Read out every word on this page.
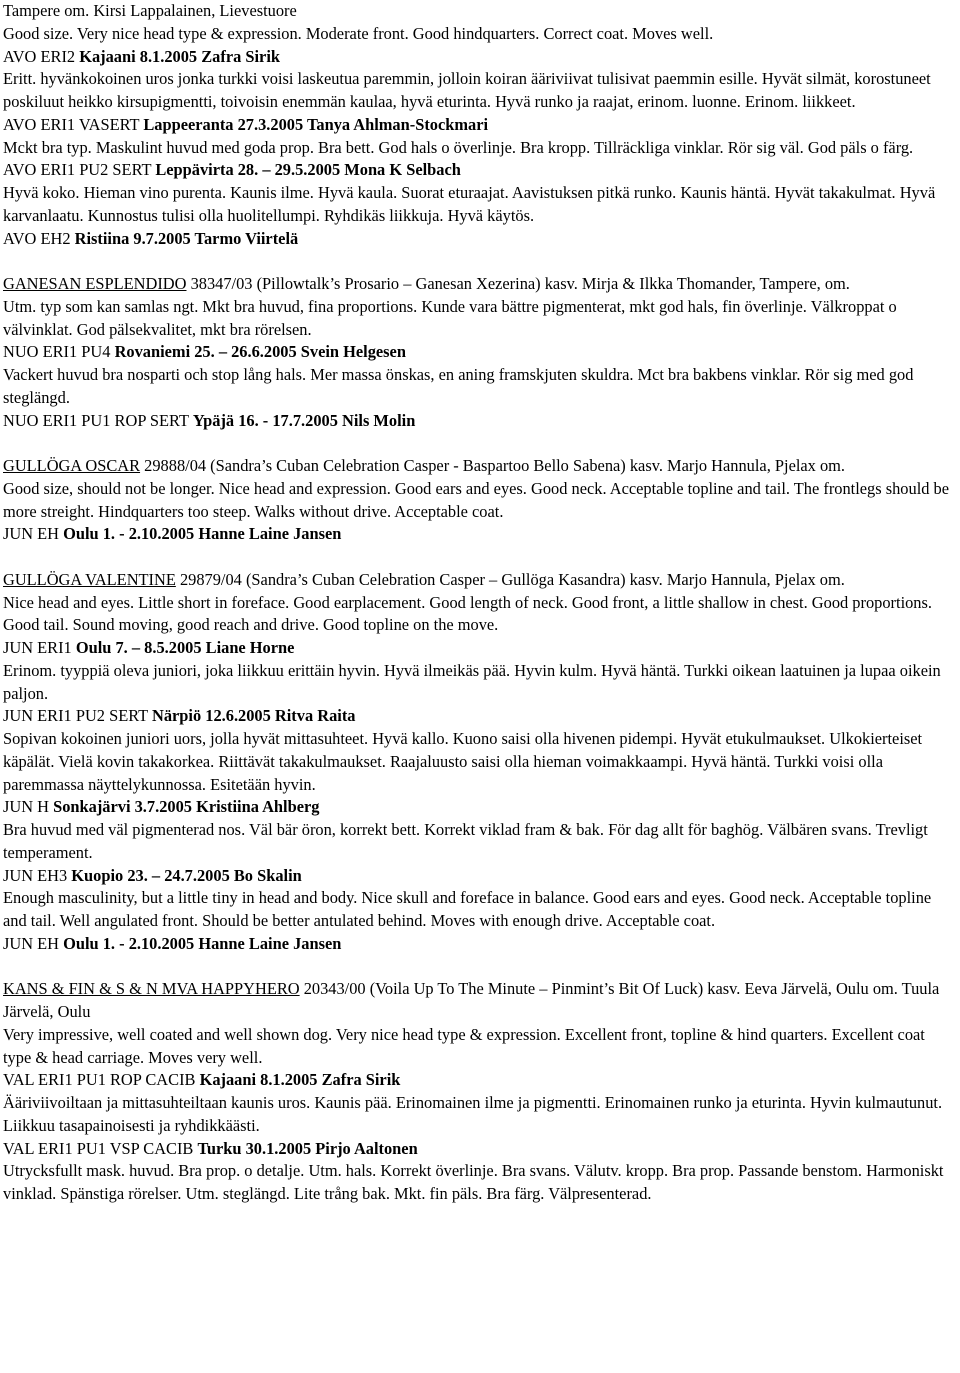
Tampere om. Kirsi Lappalainen, Lievestuore
Good size. Very nice head type & expression. Moderate front. Good hindquarters. Correct coat. Moves well.
AVO ERI2 Kajaani 8.1.2005 Zafra Sirik
Eritt. hyvänkokoinen uros jonka turkki voisi laskeutua paremmin, jolloin koiran ääriviivat tulisivat paemmin esille. Hyvät silmät, korostuneet poskiluut heikko kirsupigmentti, toivoisin enemmän kaulaa, hyvä eturinta. Hyvä runko ja raajat, erinom. luonne. Erinom. liikkeet.
AVO ERI1 VASERT Lappeeranta 27.3.2005 Tanya Ahlman-Stockmari
Mckt bra typ. Maskulint huvud med goda prop. Bra bett. God hals o överlinje. Bra kropp. Tillräckliga vinklar. Rör sig väl. God päls o färg.
AVO ERI1 PU2 SERT Leppävirta 28. – 29.5.2005 Mona K Selbach
Hyvä koko. Hieman vino purenta. Kaunis ilme. Hyvä kaula. Suorat eturaajat. Aavistuksen pitkä runko. Kaunis häntä. Hyvät takakulmat. Hyvä karvanlaatu. Kunnostus tulisi olla huolitellumpi. Ryhdikäs liikkuja. Hyvä käytös.
AVO EH2 Ristiina 9.7.2005 Tarmo Viirtelä
GANESAN ESPLENDIDO 38347/03 (Pillowtalk’s Prosario – Ganesan Xezerina) kasv. Mirja & Ilkka Thomander, Tampere, om.
Utm. typ som kan samlas ngt. Mkt bra huvud, fina proportions. Kunde vara bättre pigmenterat, mkt god hals, fin överlinje. Välkroppat o välvinklat. God pälsekvalitet, mkt bra rörelsen.
NUO ERI1 PU4 Rovaniemi 25. – 26.6.2005 Svein Helgesen
Vackert huvud bra nosparti och stop lång hals. Mer massa önskas, en aning framskjuten skuldra. Mct bra bakbens vinklar. Rör sig med god steglängd.
NUO ERI1 PU1 ROP SERT Ypäjä 16. - 17.7.2005 Nils Molin
GULLÖGA OSCAR 29888/04 (Sandra’s Cuban Celebration Casper - Baspartoo Bello Sabena) kasv. Marjo Hannula, Pjelax om.
Good size, should not be longer. Nice head and expression. Good ears and eyes. Good neck. Acceptable topline and tail. The frontlegs should be more streight. Hindquarters too steep. Walks without drive. Acceptable coat.
JUN EH Oulu 1. - 2.10.2005 Hanne Laine Jansen
GULLÖGA VALENTINE 29879/04 (Sandra’s Cuban Celebration Casper – Gullöga Kasandra) kasv. Marjo Hannula, Pjelax om.
Nice head and eyes. Little short in foreface. Good earplacement. Good length of neck. Good front, a little shallow in chest. Good proportions. Good tail. Sound moving, good reach and drive. Good topline on the move.
JUN ERI1 Oulu 7. – 8.5.2005 Liane Horne
Erinom. tyyppiä oleva juniori, joka liikkuu erittäin hyvin. Hyvä ilmeikäs pää. Hyvin kulm. Hyvä häntä. Turkki oikean laatuinen ja lupaa oikein paljon.
JUN ERI1 PU2 SERT Närpiö 12.6.2005 Ritva Raita
Sopivan kokoinen juniori uors, jolla hyvät mittasuhteet. Hyvä kallo. Kuono saisi olla hivenen pidempi. Hyvät etukulmaukset. Ulkokierteiset käpälät. Vielä kovin takakorkea. Riittävät takakulmaukset. Raajaluusto saisi olla hieman voimakkaampi. Hyvä häntä. Turkki voisi olla paremmassa näyttelykunnossa. Esitetään hyvin.
JUN H Sonkajärvi 3.7.2005 Kristiina Ahlberg
Bra huvud med väl pigmenterad nos. Väl bär öron, korrekt bett. Korrekt viklad fram & bak. För dag allt för baghög. Välbären svans. Trevligt temperament.
JUN EH3 Kuopio 23. – 24.7.2005 Bo Skalin
Enough masculinity, but a little tiny in head and body. Nice skull and foreface in balance. Good ears and eyes. Good neck. Acceptable topline and tail. Well angulated front. Should be better antulated behind. Moves with enough drive. Acceptable coat.
JUN EH Oulu 1. - 2.10.2005 Hanne Laine Jansen
KANS & FIN & S & N MVA HAPPYHERO 20343/00 (Voila Up To The Minute – Pinmint’s Bit Of Luck) kasv. Eeva Järvelä, Oulu om. Tuula Järvelä, Oulu
Very impressive, well coated and well shown dog. Very nice head type & expression. Excellent front, topline & hind quarters. Excellent coat type & head carriage. Moves very well.
VAL ERI1 PU1 ROP CACIB Kajaani 8.1.2005 Zafra Sirik
Ääriviivoiltaan ja mittasuhteiltaan kaunis uros. Kaunis pää. Erinomainen ilme ja pigmentti. Erinomainen runko ja eturinta. Hyvin kulmautunut. Liikkuu tasapainoisesti ja ryhdikkäästi.
VAL ERI1 PU1 VSP CACIB Turku 30.1.2005 Pirjo Aaltonen
Utrycksfullt mask. huvud. Bra prop. o detalje. Utm. hals. Korrekt överlinje. Bra svans. Välutv. kropp. Bra prop. Passande benstom. Harmoniskt vinklad. Spänstiga rörelser. Utm. steglängd. Lite trång bak. Mkt. fin päls. Bra färg. Välpresenterad.
